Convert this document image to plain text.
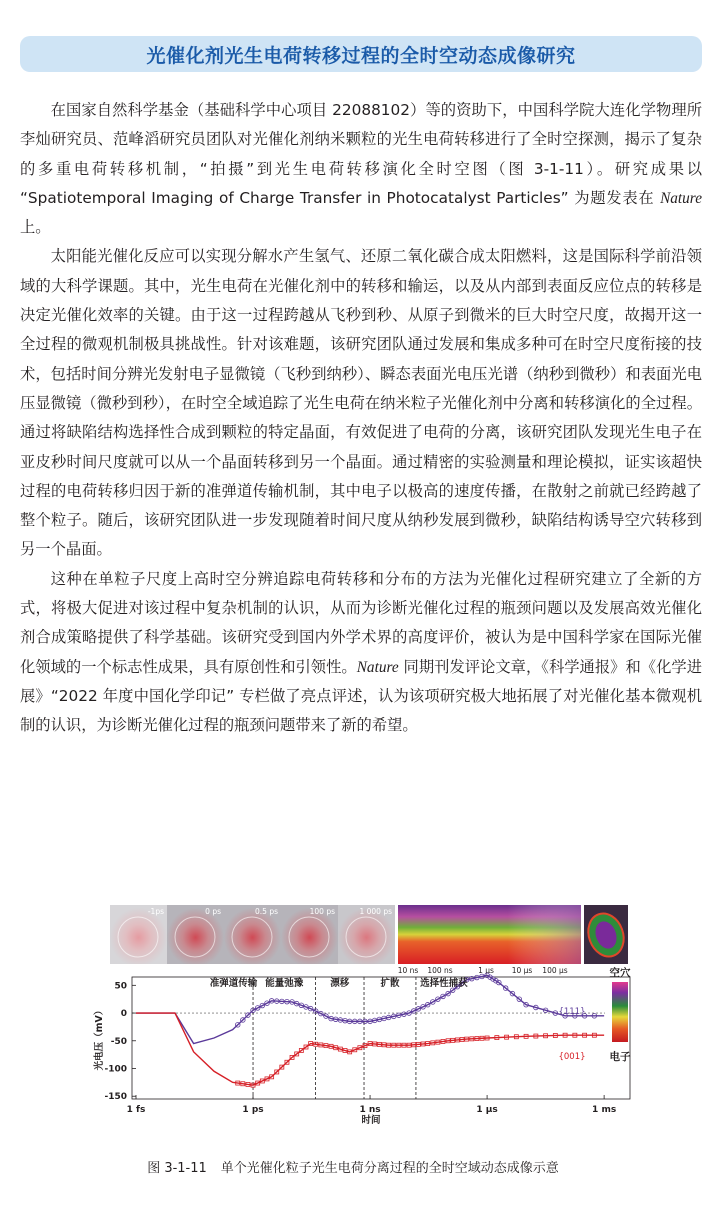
光催化剂光生电荷转移过程的全时空动态成像研究

在国家自然科学基金（基础科学中心项目 22088102）等的资助下，中国科学院大连化学物理所李灿研究员、范峰滔研究员团队对光催化剂纳米颗粒的光生电荷转移进行了全时空探测，揭示了复杂的多重电荷转移机制，“拍摄”到光生电荷转移演化全时空图（图 3-1-11）。研究成果以 “Spatiotemporal Imaging of Charge Transfer in Photocatalyst Particles” 为题发表在 Nature 上。

太阳能光催化反应可以实现分解水产生氢气、还原二氧化碳合成太阳燃料，这是国际科学前沿领域的大科学课题。其中，光生电荷在光催化剂中的转移和输运，以及从内部到表面反应位点的转移是决定光催化效率的关键。由于这一过程跨越从飞秒到秒、从原子到微米的巨大时空尺度，故揭开这一全过程的微观机制极具挑战性。针对该难题，该研究团队通过发展和集成多种可在时空尺度衔接的技术，包括时间分辨光发射电子显微镜（飞秒到纳秒）、瞬态表面光电压光谱（纳秒到微秒）和表面光电压显微镜（微秒到秒），在时空全域追踪了光生电荷在纳米粒子光催化剂中分离和转移演化的全过程。通过将缺陷结构选择性合成到颗粒的特定晶面，有效促进了电荷的分离，该研究团队发现光生电子在亚皮秒时间尺度就可以从一个晶面转移到另一个晶面。通过精密的实验测量和理论模拟，证实该超快过程的电荷转移归因于新的准弹道传输机制，其中电子以极高的速度传播，在散射之前就已经跨越了整个粒子。随后，该研究团队进一步发现随着时间尺度从纳秒发展到微秒，缺陷结构诱导空穴转移到另一个晶面。

这种在单粒子尺度上高时空分辨追踪电荷转移和分布的方法为光催化过程研究建立了全新的方式，将极大促进对该过程中复杂机制的认识，从而为诊断光催化过程的瓶颈问题以及发展高效光催化剂合成策略提供了科学基础。该研究受到国内外学术界的高度评价，被认为是中国科学家在国际光催化领域的一个标志性成果，具有原创性和引领性。Nature 同期刊发评论文章，《科学通报》和《化学进展》“2022 年度中国化学印记” 专栏做了亮点评述，认为该项研究极大地拓展了对光催化基本微观机制的认识，为诊断光催化过程的瓶颈问题带来了新的希望。

-1ps	0 ps	0.5 ps	100 ps	1 000 ps
10 ns 100 ns	1 μs 10 μs 100 μs
准弹道传输 能量弛豫	漂移	扩散 选择性捕获
50
0
-50
-100
-150
1 fs	1 ps	1 ns	1 μs	1 ms
时间
光电压（mV）	{111}
{001}
空穴
电子
图 3-1-11 单个光催化粒子光生电荷分离过程的全时空域动态成像示意
